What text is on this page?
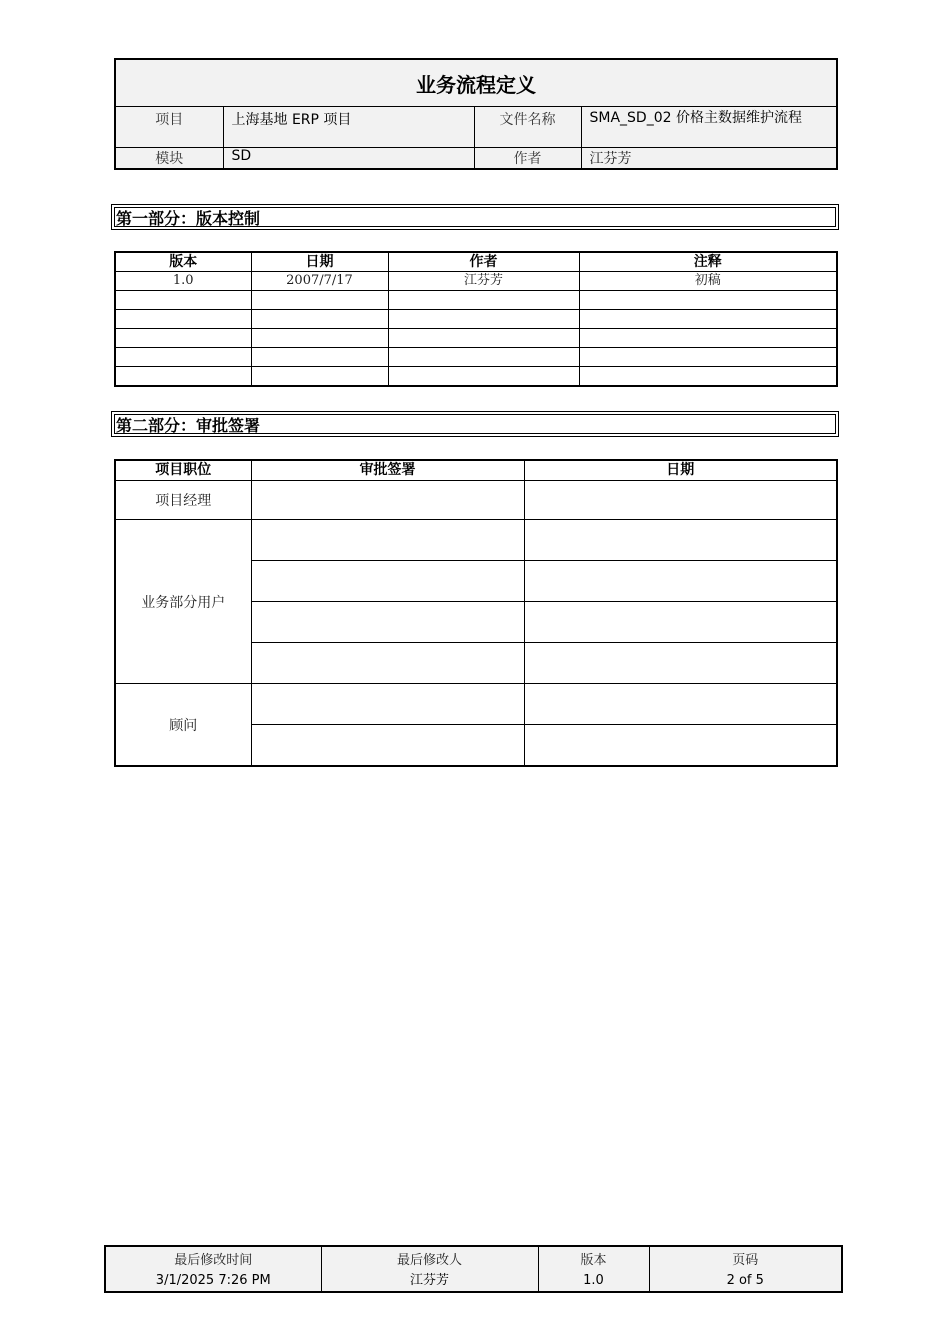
业务流程定义			
项目	上海基地 ERP 项目	文件名称	SMA_SD_02 价格主数据维护流程
模块	SD	作者	江芬芳
第一部分：版本控制
版本	日期	作者	注释
1.0	2007/7/17	江芬芳	初稿

第二部分：审批签署
项目职位	审批签署	日期
项目经理		
业务部分用户		

顾问		

最后修改时间
3/1/2025 7:26 PM

最后修改人
江芬芳

版本
1.0

页码
2 of 5
